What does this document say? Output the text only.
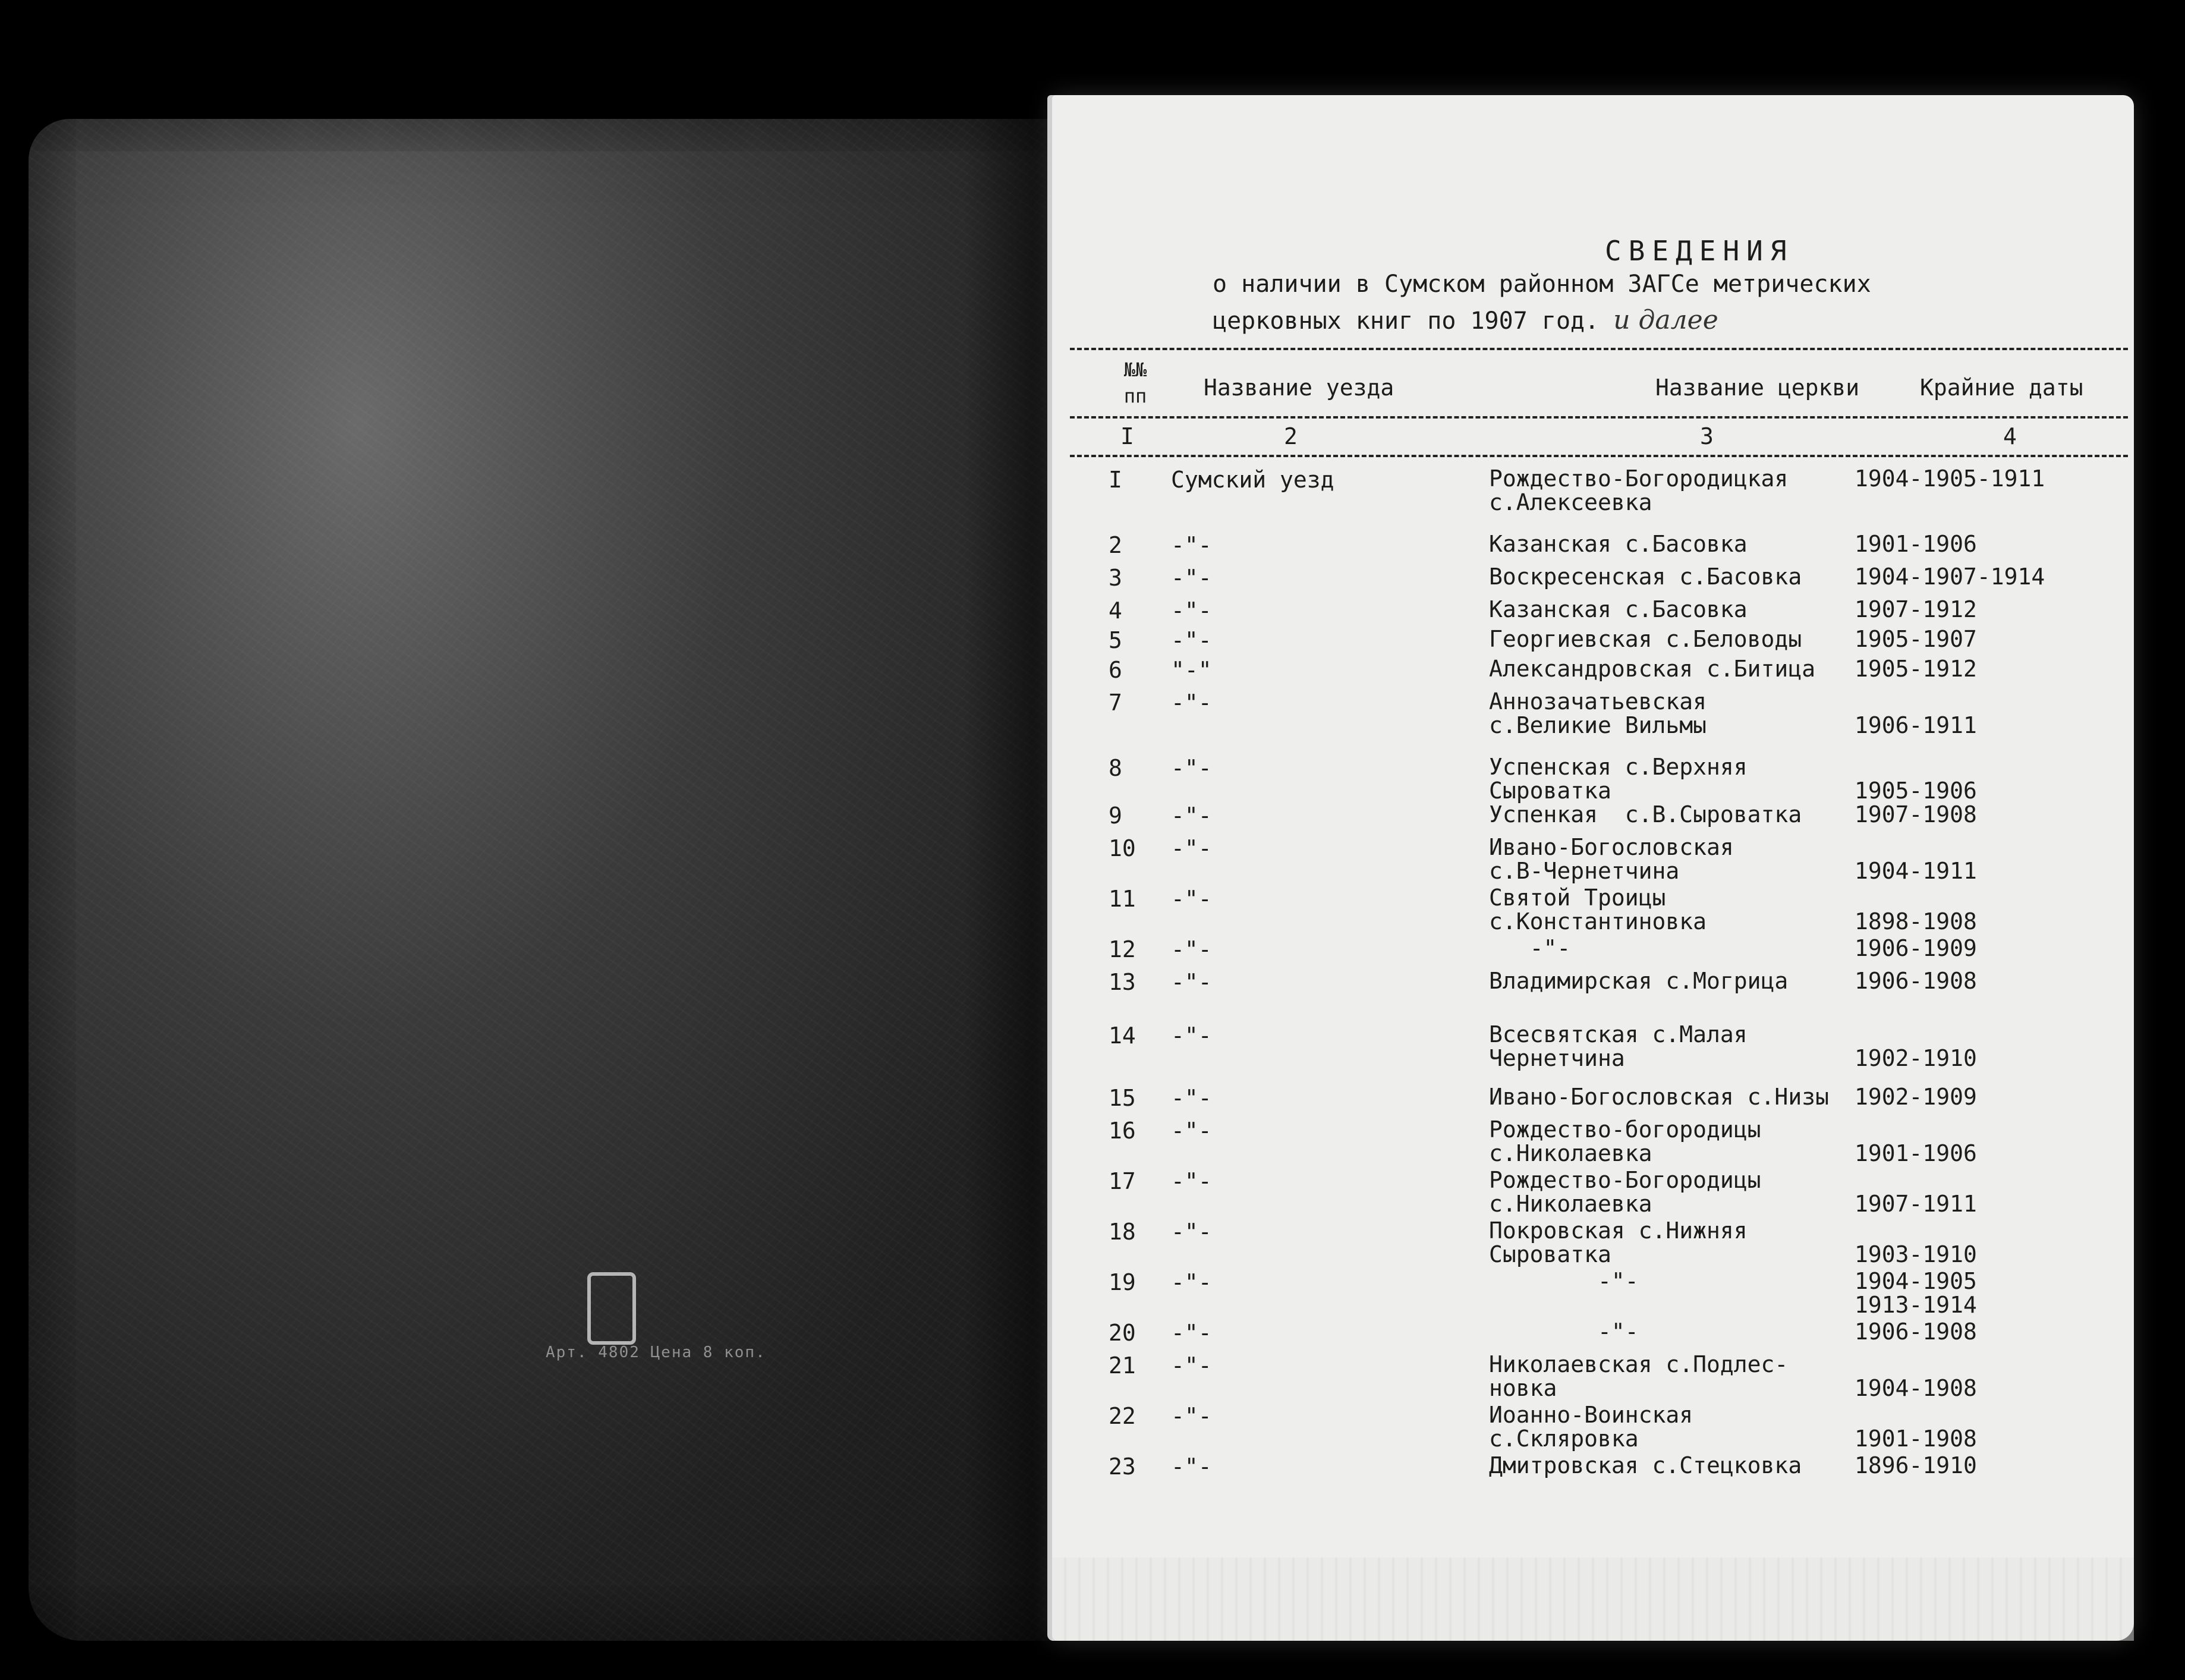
Арт. 4802 Цена 8 коп.
СВЕДЕНИЯ
о наличии в Сумском районном ЗАГСе метрических
церковных книг по 1907 год. и далее
№№ пп	Название уезда	Название церкви	Крайние даты
I	2	3	4
I Сумский уезд	Рождество-Богородицкая
с.Алексеевка
1904-1905-1911
2 -"-	Казанская с.Басовка	1901-1906
3 -"-	Воскресенская с.Басовка 1904-1907-1914
4 -"-	Казанская с.Басовка	1907-1912
5 -"-	Георгиевская с.Беловоды 1905-1907
6 "-"	Александровская с.Битица 1905-1912
7 -"-	Аннозачатьевская
с.Великие Вильмы	
1906-1911
8 -"-	Успенская с.Верхняя
Сыроватка	
1905-1906
9 -"-	Успенкая  с.В.Сыроватка 1907-1908
10 -"-	Ивано-Богословская
с.В-Чернетчина	
1904-1911
11 -"-	Святой Троицы
с.Константиновка	
1898-1908
12 -"-	-"-	1906-1909
13 -"-	Владимирская с.Могрица	1906-1908
14 -"-	Всесвятская с.Малая
Чернетчина	
1902-1910
15 -"-	Ивано-Богословская с.Низы 1902-1909
16 -"-	Рождество-богородицы
с.Николаевка	
1901-1906
17 -"-	Рождество-Богородицы
с.Николаевка	
1907-1911
18 -"-	Покровская с.Нижняя
Сыроватка	
1903-1910
19 -"-	-"-	1904-1905
1913-1914
20 -"-	-"-	1906-1908
21 -"-	Николаевская с.Подлес-
новка	
1904-1908
22 -"-	Иоанно-Воинская
с.Скляровка	
1901-1908
23 -"-	Дмитровская с.Стецковка 1896-1910
